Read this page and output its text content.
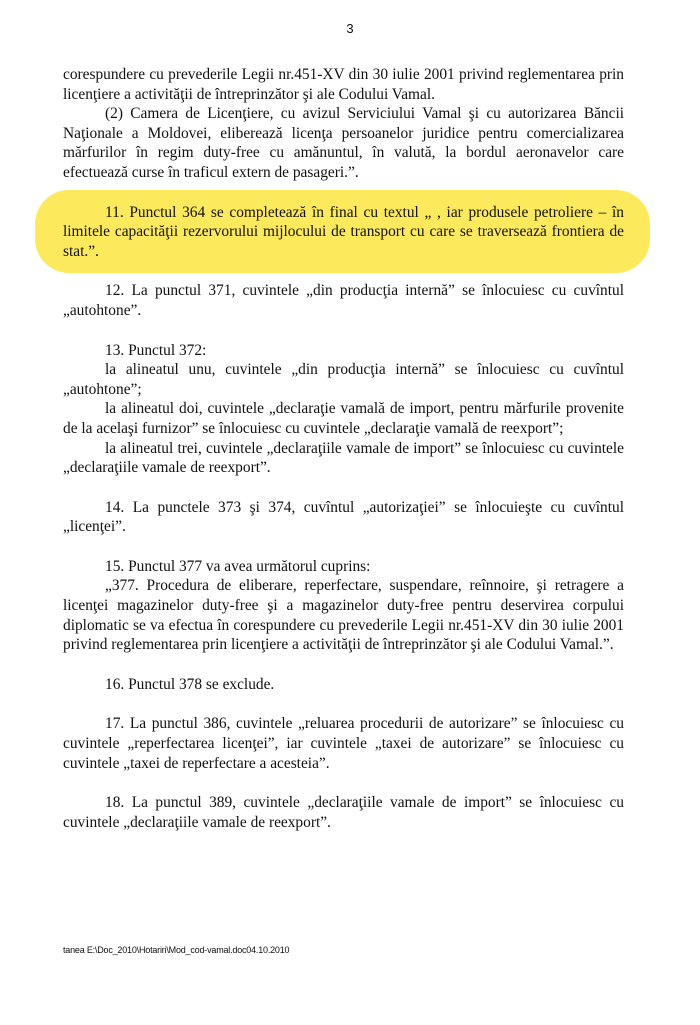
3

corespundere cu prevederile Legii nr.451-XV din 30 iulie 2001 privind reglementarea prin licenţiere a activităţii de întreprinzător şi ale Codului Vamal.

(2) Camera de Licenţiere, cu avizul Serviciului Vamal şi cu autorizarea Băncii Naţionale a Moldovei, eliberează licenţa persoanelor juridice pentru comercializarea mărfurilor în regim duty-free cu amănuntul, în valută, la bordul aeronavelor care efectuează curse în traficul extern de pasageri.”.

11. Punctul 364 se completează în final cu textul „ , iar produsele petroliere – în limitele capacităţii rezervorului mijlocului de transport cu care se traversează frontiera de stat.”.

12. La punctul 371, cuvintele „din producţia internă” se înlocuiesc cu cuvîntul „autohtone”.

13. Punctul 372:

la alineatul unu, cuvintele „din producţia internă” se înlocuiesc cu cuvîntul „autohtone”;

la alineatul doi, cuvintele „declaraţie vamală de import, pentru mărfurile provenite de la acelaşi furnizor” se înlocuiesc cu cuvintele „declaraţie vamală de reexport”;

la alineatul trei, cuvintele „declaraţiile vamale de import” se înlocuiesc cu cuvintele „declaraţiile vamale de reexport”.

14. La punctele 373 şi 374, cuvîntul „autorizaţiei” se înlocuieşte cu cuvîntul „licenţei”.

15. Punctul 377 va avea următorul cuprins:

„377. Procedura de eliberare, reperfectare, suspendare, reînnoire, şi retragere a licenţei magazinelor duty-free şi a magazinelor duty-free pentru deservirea corpului diplomatic se va efectua în corespundere cu prevederile Legii nr.451-XV din 30 iulie 2001 privind reglementarea prin licenţiere a activităţii de întreprinzător şi ale Codului Vamal.”.

16. Punctul 378 se exclude.

17. La punctul 386, cuvintele „reluarea procedurii de autorizare” se înlocuiesc cu cuvintele „reperfectarea licenţei”, iar cuvintele „taxei de autorizare” se înlocuiesc cu cuvintele „taxei de reperfectare a acesteia”.

18. La punctul 389, cuvintele „declaraţiile vamale de import” se înlocuiesc cu cuvintele „declaraţiile vamale de reexport”.

tanea E:\Doc_2010\Hotariri\Mod_cod-vamal.doc04.10.2010
